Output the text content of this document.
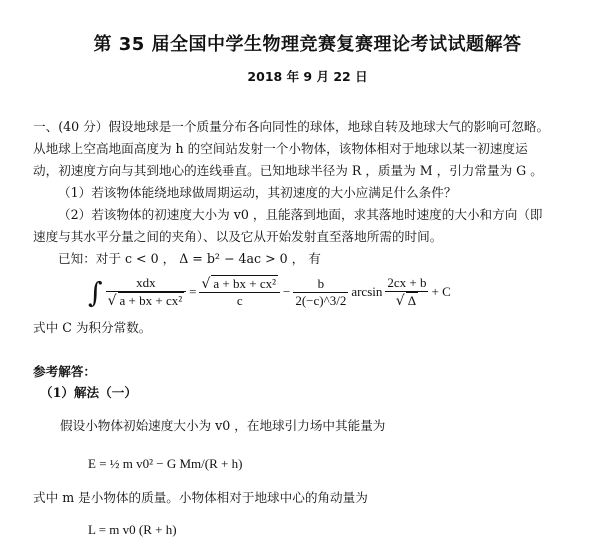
第 35 届全国中学生物理竞赛复赛理论考试试题解答
2018 年 9 月 22 日
一、(40 分）假设地球是一个质量分布各向同性的球体，地球自转及地球大气的影响可忽略。
从地球上空高地面高度为 h 的空间站发射一个小物体，该物体相对于地球以某一初速度运
动，初速度方向与其到地心的连线垂直。已知地球半径为 R ，质量为 M ，引力常量为 G 。
（1）若该物体能绕地球做周期运动，其初速度的大小应满足什么条件？
（2）若该物体的初速度大小为 v0 ，且能落到地面，求其落地时速度的大小和方向（即
速度与其水平分量之间的夹角）、以及它从开始发射直至落地所需的时间。
已知：对于 c < 0 ， Δ = b² − 4ac > 0 ， 有
∫ $\frac{\text{xdx}}{\text{√ a + bx + cx²}} = \frac{\text{√ a + bx + cx²}}{c} - \frac{b}{2(-c)\^{}3/2}$ $\arcsin \frac{2cx + b}{√ \Delta} + C$
式中 C 为积分常数。
参考解答：
（1）解法（一）
假设小物体初始速度大小为 v0 ，在地球引力场中其能量为
E = ½ m v0² − G Mm/(R + h)
式中 m 是小物体的质量。小物体相对于地球中心的角动量为
L = m v0 (R + h)
